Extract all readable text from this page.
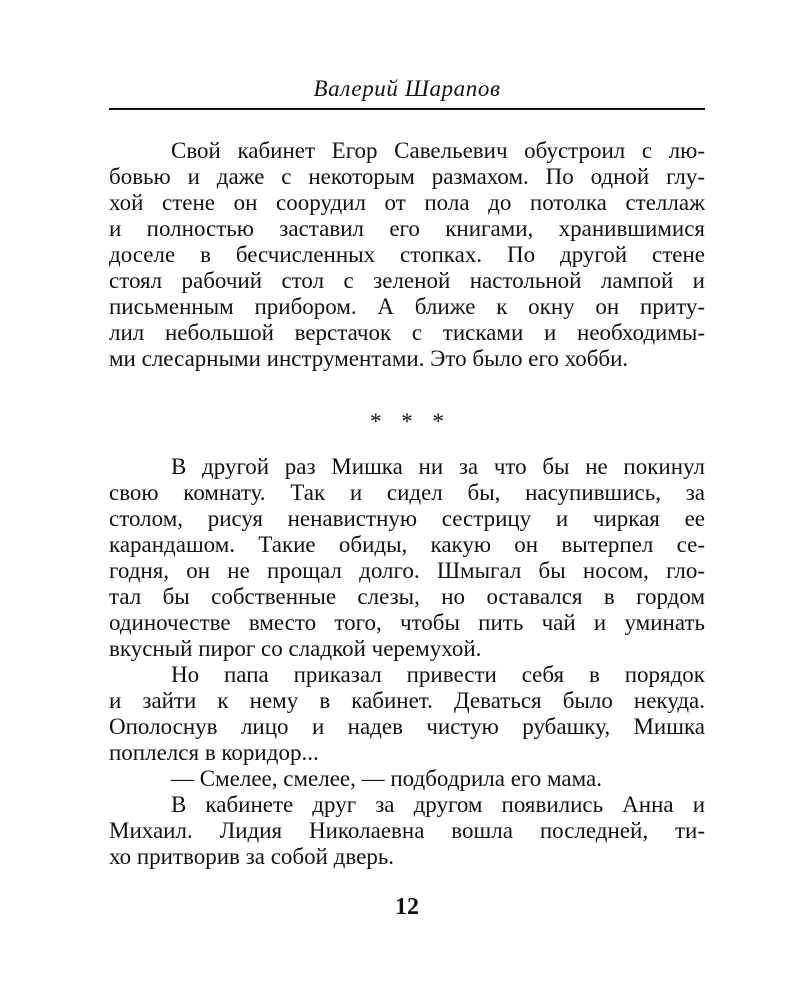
Валерий Шарапов
Свой кабинет Егор Савельевич обустроил с лю-
бовью и даже с некоторым размахом. По одной глу-
хой стене он соорудил от пола до потолка стеллаж
и полностью заставил его книгами, хранившимися
доселе в бесчисленных стопках. По другой стене
стоял рабочий стол с зеленой настольной лампой и
письменным прибором. А ближе к окну он приту-
лил небольшой верстачок с тисками и необходимы-
ми слесарными инструментами. Это было его хобби.
* * *
В другой раз Мишка ни за что бы не покинул
свою комнату. Так и сидел бы, насупившись, за
столом, рисуя ненавистную сестрицу и чиркая ее
карандашом. Такие обиды, какую он вытерпел се-
годня, он не прощал долго. Шмыгал бы носом, гло-
тал бы собственные слезы, но оставался в гордом
одиночестве вместо того, чтобы пить чай и уминать
вкусный пирог со сладкой черемухой.
Но папа приказал привести себя в порядок
и зайти к нему в кабинет. Деваться было некуда.
Ополоснув лицо и надев чистую рубашку, Мишка
поплелся в коридор...
— Смелее, смелее, — подбодрила его мама.
В кабинете друг за другом появились Анна и
Михаил. Лидия Николаевна вошла последней, ти-
хо притворив за собой дверь.
12
